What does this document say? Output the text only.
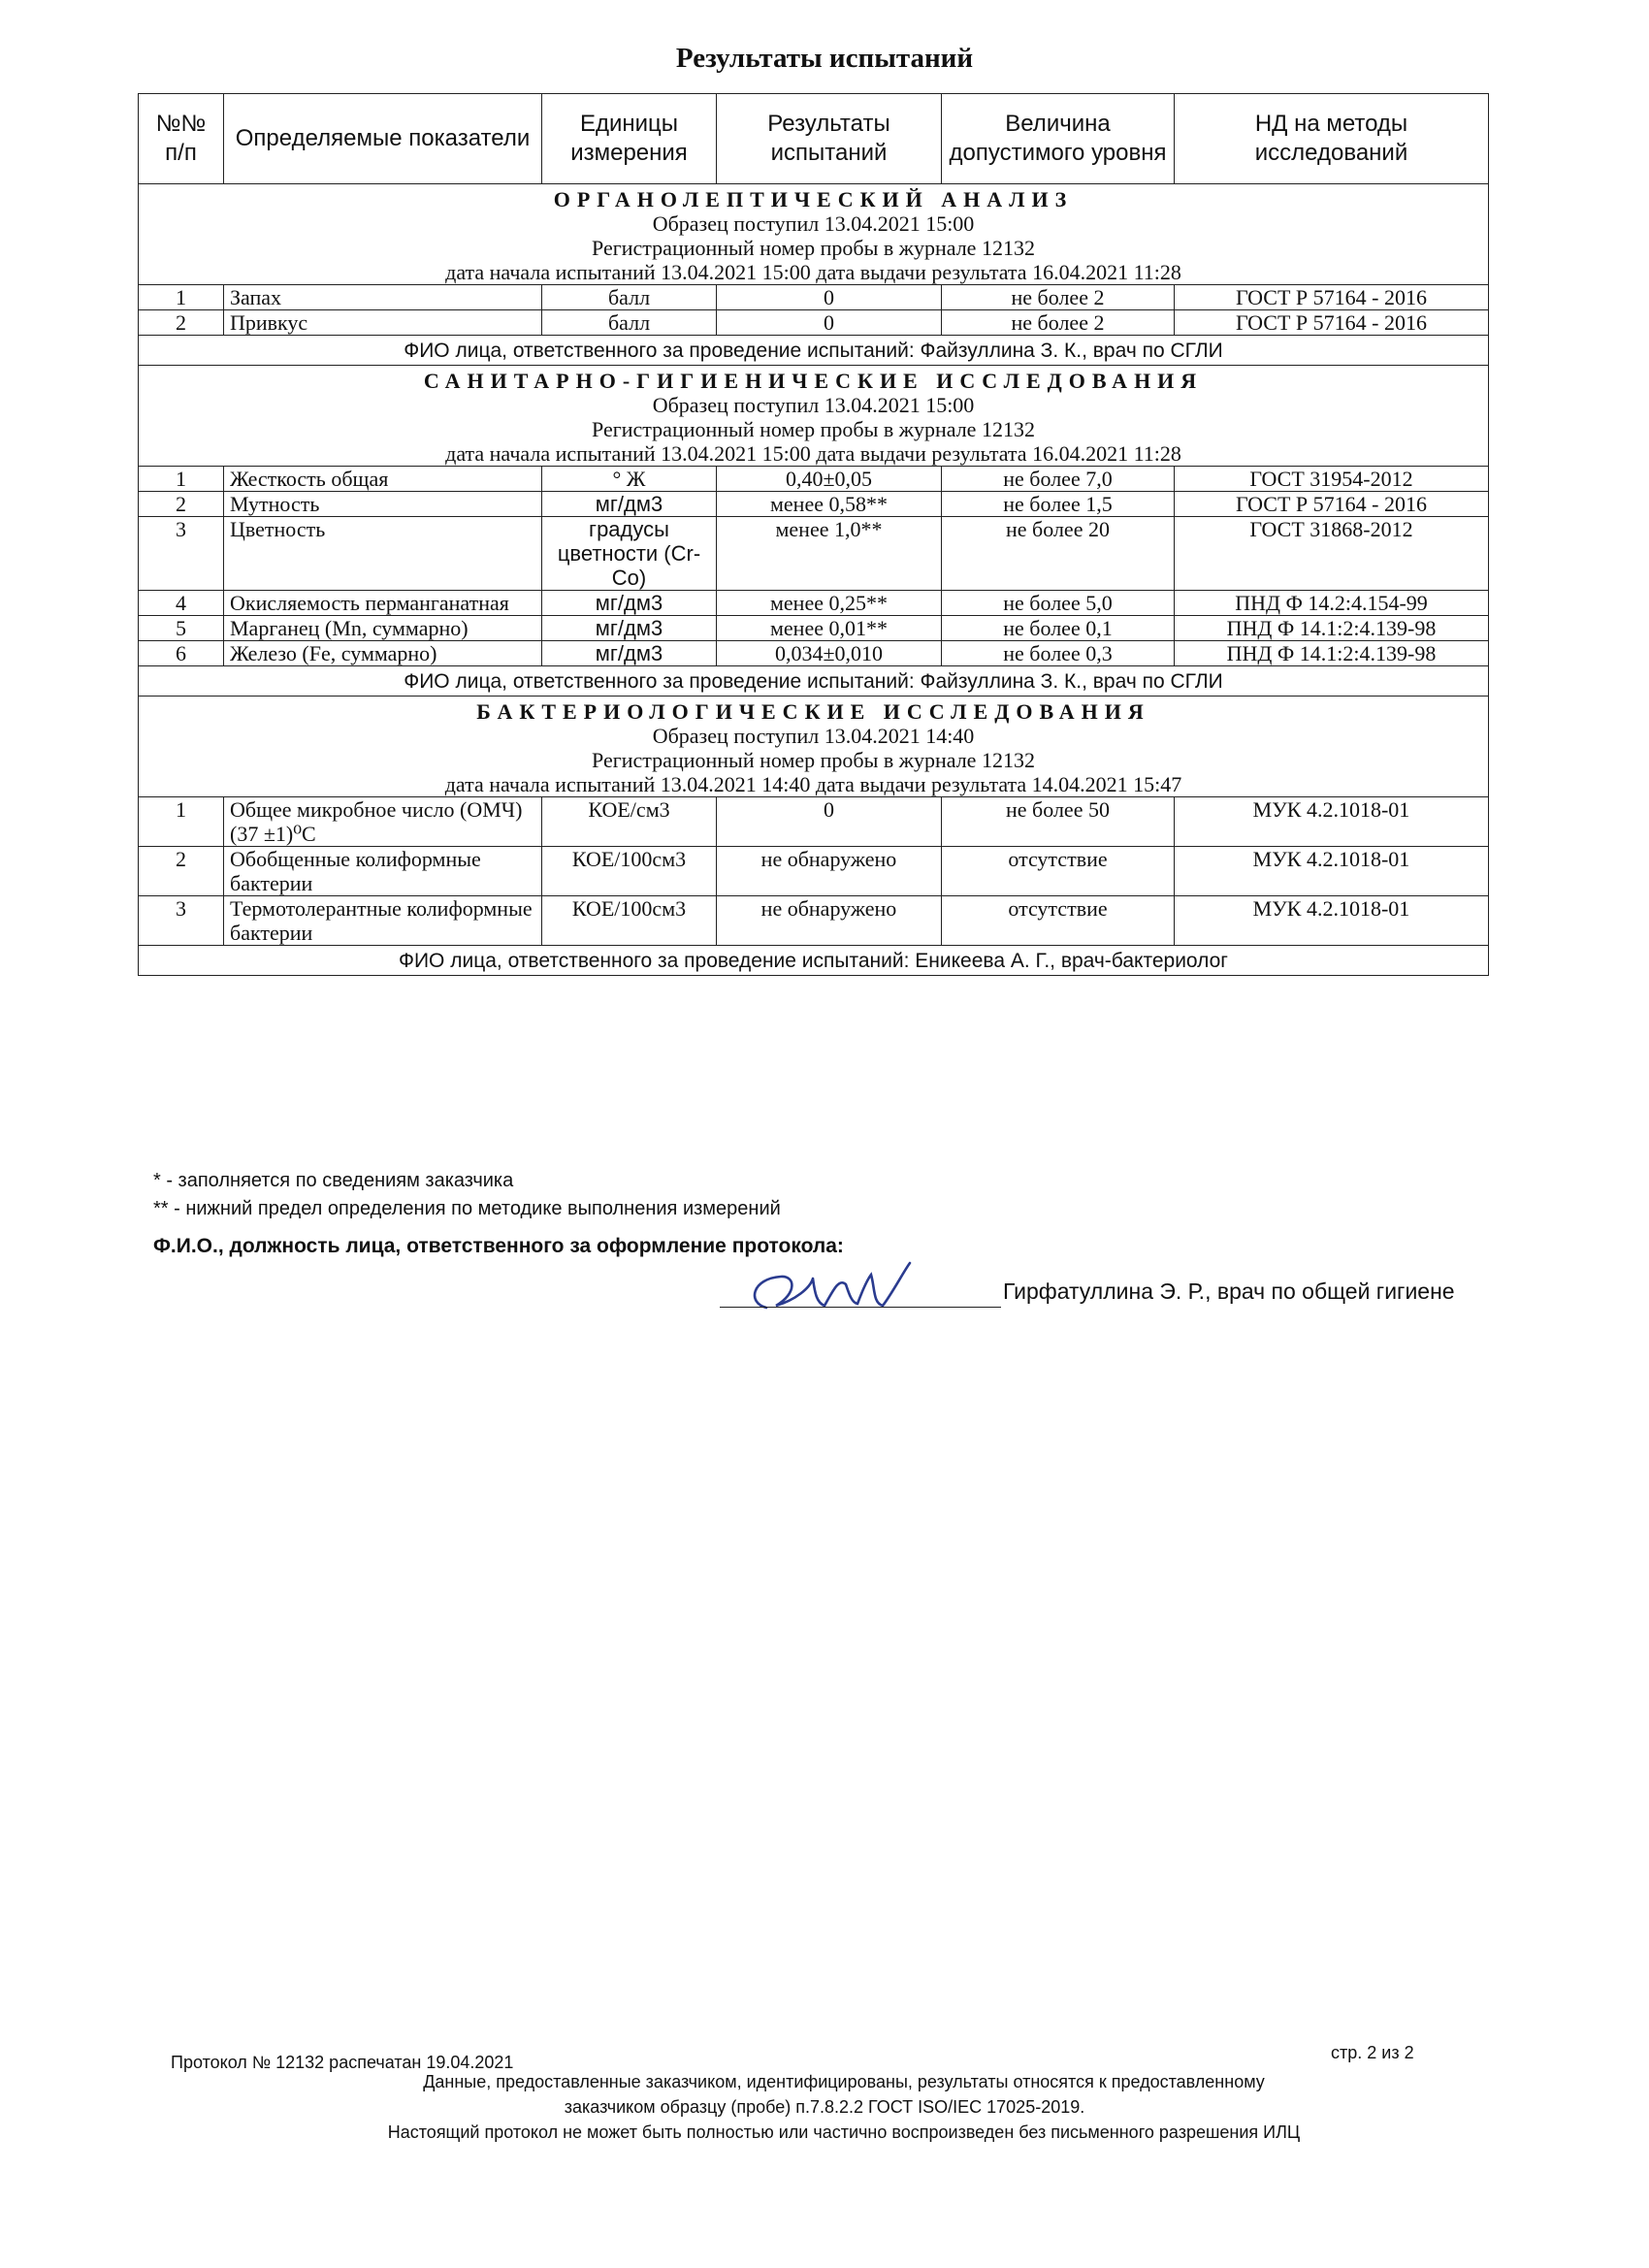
Результаты испытаний
№№ п/п	Определяемые показатели	Единицы измерения	Результаты испытаний	Величина допустимого уровня	НД на методы исследований

ОРГАНОЛЕПТИЧЕСКИЙ АНАЛИЗ
Образец поступил 13.04.2021 15:00
Регистрационный номер пробы в журнале 12132
дата начала испытаний 13.04.2021 15:00 дата выдачи результата 16.04.2021 11:28					

1	Запах	балл	0	не более 2	ГОСТ Р 57164 - 2016
2	Привкус	балл	0	не более 2	ГОСТ Р 57164 - 2016
ФИО лица, ответственного за проведение испытаний: Файзуллина З. К., врач по СГЛИ					

САНИТАРНО-ГИГИЕНИЧЕСКИЕ ИССЛЕДОВАНИЯ
Образец поступил 13.04.2021 15:00
Регистрационный номер пробы в журнале 12132
дата начала испытаний 13.04.2021 15:00 дата выдачи результата 16.04.2021 11:28					

1	Жесткость общая	° Ж	0,40±0,05	не более 7,0	ГОСТ 31954-2012
2	Мутность	мг/дм3	менее 0,58**	не более 1,5	ГОСТ Р 57164 - 2016
3	Цветность	градусы цветности (Cr-Co)	менее 1,0**	не более 20	ГОСТ 31868-2012
4	Окисляемость перманганатная	мг/дм3	менее 0,25**	не более 5,0	ПНД Ф 14.2:4.154-99
5	Марганец (Mn, суммарно)	мг/дм3	менее 0,01**	не более 0,1	ПНД Ф 14.1:2:4.139-98
6	Железо (Fe, суммарно)	мг/дм3	0,034±0,010	не более 0,3	ПНД Ф 14.1:2:4.139-98
ФИО лица, ответственного за проведение испытаний: Файзуллина З. К., врач по СГЛИ					

БАКТЕРИОЛОГИЧЕСКИЕ ИССЛЕДОВАНИЯ
Образец поступил 13.04.2021 14:40
Регистрационный номер пробы в журнале 12132
дата начала испытаний 13.04.2021 14:40 дата выдачи результата 14.04.2021 15:47					

1	Общее микробное число (ОМЧ) (37 ±1)⁰С	КОЕ/см3	0	не более 50	МУК 4.2.1018-01
2	Обобщенные колиформные бактерии	КОЕ/100см3	не обнаружено	отсутствие	МУК 4.2.1018-01
3	Термотолерантные колиформные бактерии	КОЕ/100см3	не обнаружено	отсутствие	МУК 4.2.1018-01
ФИО лица, ответственного за проведение испытаний: Еникеева А. Г., врач-бактериолог					
* - заполняется по сведениям заказчика
** - нижний предел определения по методике выполнения измерений
Ф.И.О., должность лица, ответственного за оформление протокола:
Гирфатуллина Э. Р., врач по общей гигиене
Протокол № 12132 распечатан 19.04.2021	стр. 2 из 2
Данные, предоставленные заказчиком, идентифицированы, результаты относятся к предоставленному
заказчиком образцу (пробе) п.7.8.2.2 ГОСТ ISO/IEC 17025-2019.
Настоящий протокол не может быть полностью или частично воспроизведен без письменного разрешения ИЛЦ
